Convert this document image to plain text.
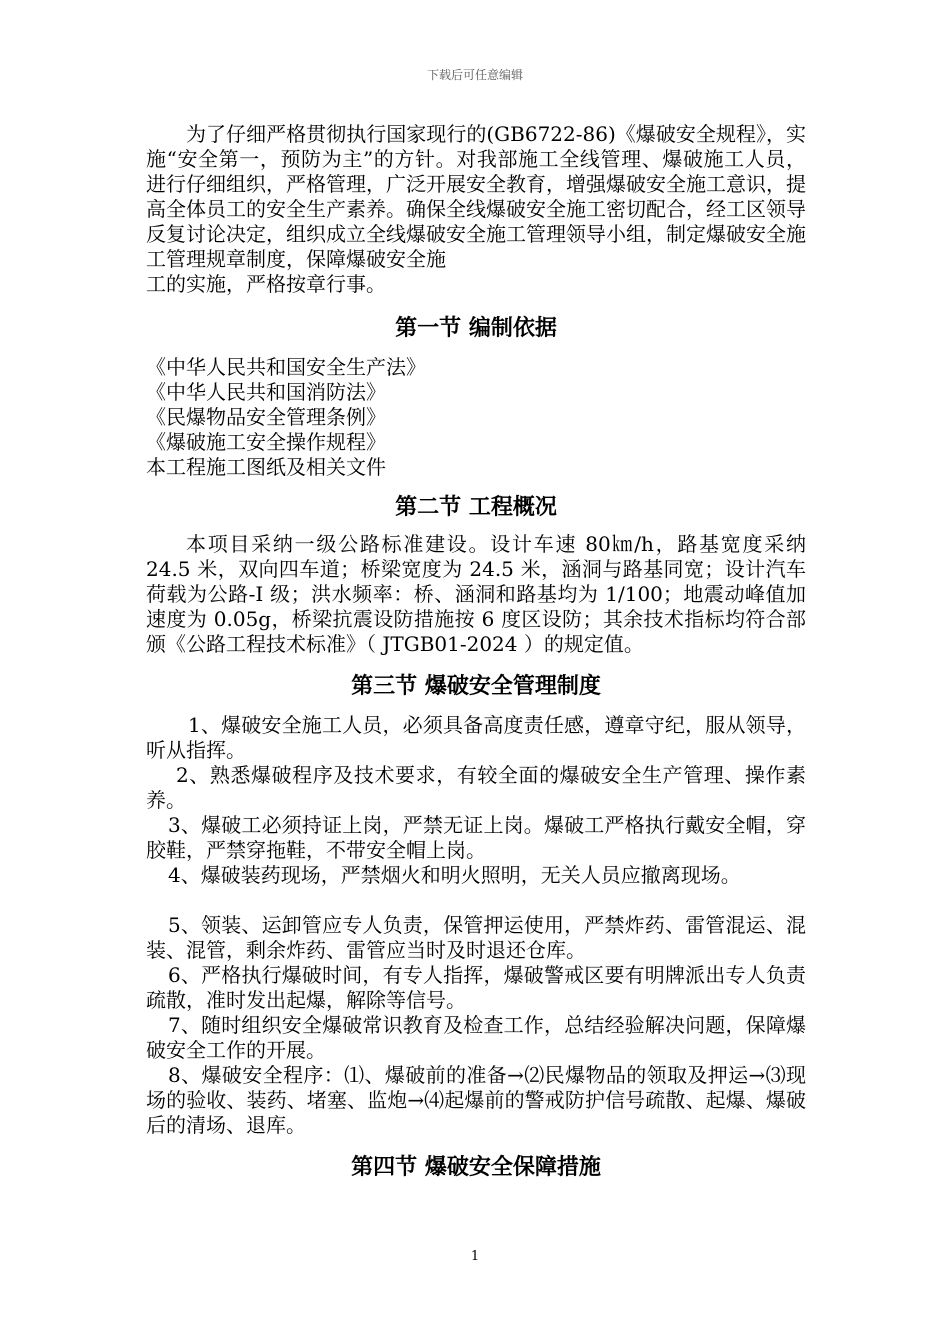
下载后可任意编辑

为了仔细严格贯彻执行国家现行的(GB6722-86)《爆破安全规程》，实施“安全第一，预防为主”的方针。对我部施工全线管理、爆破施工人员，进行仔细组织，严格管理，广泛开展安全教育，增强爆破安全施工意识，提高全体员工的安全生产素养。确保全线爆破安全施工密切配合，经工区领导反复讨论决定，组织成立全线爆破安全施工管理领导小组，制定爆破安全施工管理规章制度，保障爆破安全施

工的实施，严格按章行事。

第一节 编制依据

《中华人民共和国安全生产法》

《中华人民共和国消防法》

《民爆物品安全管理条例》

《爆破施工安全操作规程》

本工程施工图纸及相关文件

第二节 工程概况

本项目采纳一级公路标准建设。设计车速 80㎞/h，路基宽度采纳 24.5 米，双向四车道；桥梁宽度为 24.5 米，涵洞与路基同宽；设计汽车荷载为公路-I 级；洪水频率：桥、涵洞和路基均为 1/100；地震动峰值加速度为 0.05g，桥梁抗震设防措施按 6 度区设防；其余技术指标均符合部颁《公路工程技术标准》（ JTGB01-2024 ）的规定值。

第三节 爆破安全管理制度

1、爆破安全施工人员，必须具备高度责任感，遵章守纪，服从领导，听从指挥。

2、熟悉爆破程序及技术要求，有较全面的爆破安全生产管理、操作素养。

3、爆破工必须持证上岗，严禁无证上岗。爆破工严格执行戴安全帽，穿胶鞋，严禁穿拖鞋，不带安全帽上岗。

4、爆破装药现场，严禁烟火和明火照明，无关人员应撤离现场。

5、领装、运卸管应专人负责，保管押运使用，严禁炸药、雷管混运、混装、混管，剩余炸药、雷管应当时及时退还仓库。

6、严格执行爆破时间，有专人指挥，爆破警戒区要有明牌派出专人负责疏散，准时发出起爆，解除等信号。

7、随时组织安全爆破常识教育及检查工作，总结经验解决问题，保障爆破安全工作的开展。

8、爆破安全程序：⑴、爆破前的准备→⑵民爆物品的领取及押运→⑶现场的验收、装药、堵塞、监炮→⑷起爆前的警戒防护信号疏散、起爆、爆破后的清场、退库。

第四节 爆破安全保障措施
1
